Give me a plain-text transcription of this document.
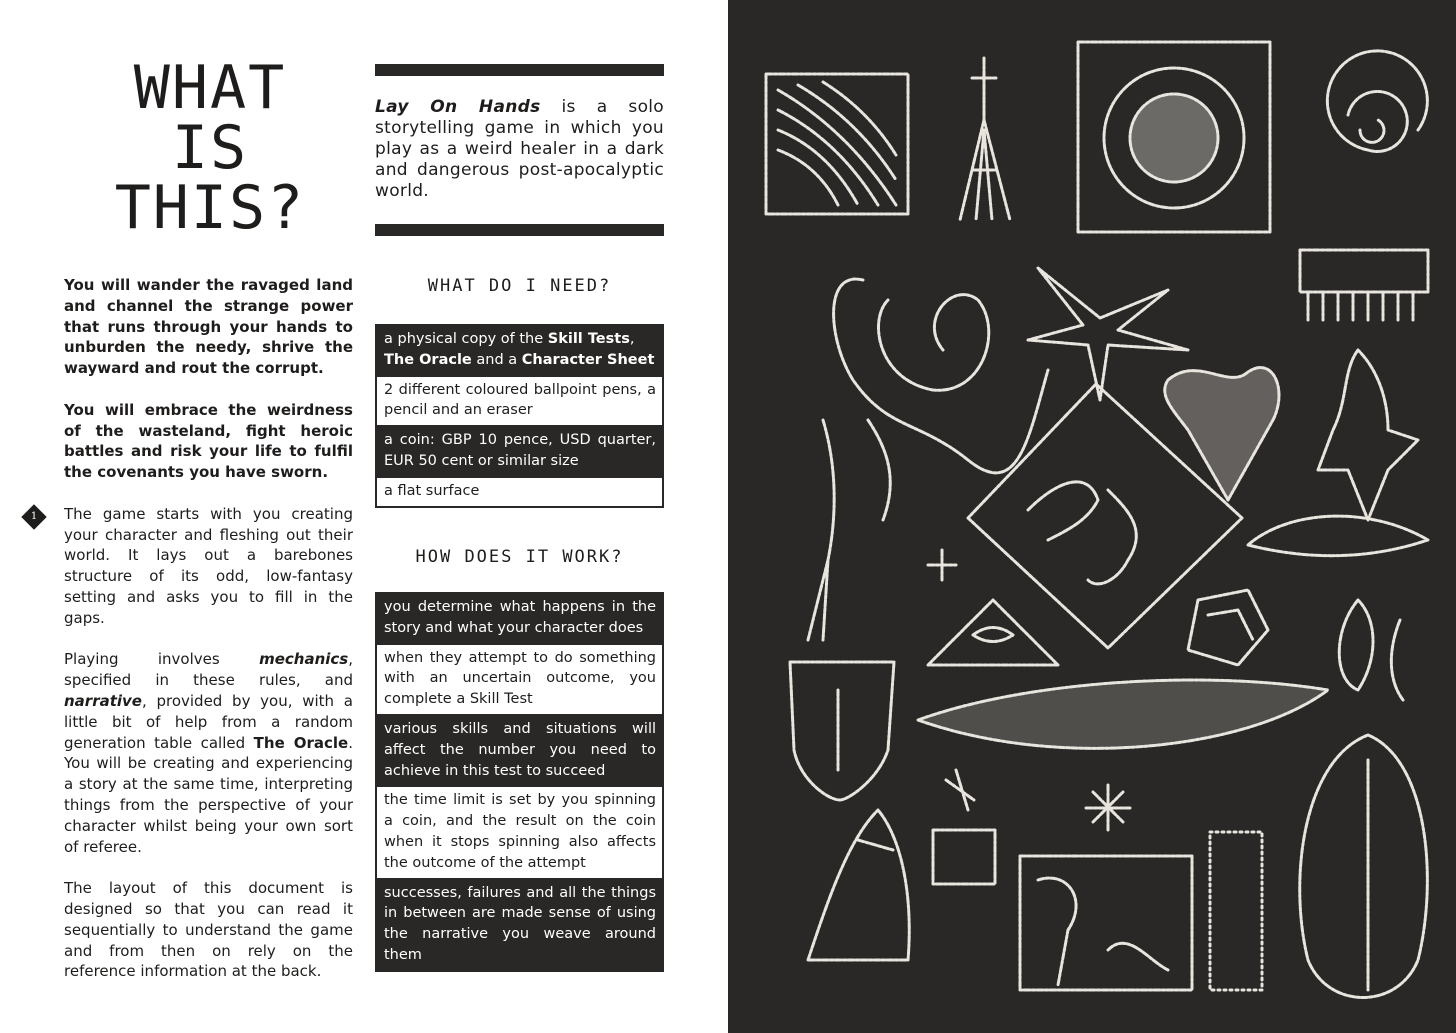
WHAT
IS
THIS?
Lay On Hands is a solo storytelling game in which you play as a weird healer in a dark and dangerous post-apocalyptic world.

You will wander the ravaged land and channel the strange power that runs through your hands to unburden the needy, shrive the wayward and rout the corrupt.

You will embrace the weirdness of the wasteland, fight heroic battles and risk your life to fulfil the covenants you have sworn.

The game starts with you creating your character and fleshing out their world. It lays out a barebones structure of its odd, low-fantasy setting and asks you to fill in the gaps.

Playing involves mechanics, specified in these rules, and narrative, provided by you, with a little bit of help from a random generation table called The Oracle. You will be creating and experiencing a story at the same time, interpreting things from the perspective of your character whilst being your own sort of referee.

The layout of this document is designed so that you can read it sequentially to understand the game and from then on rely on the reference information at the back.

1
WHAT DO I NEED?
a physical copy of the Skill Tests,
The Oracle and a Character Sheet
2 different coloured ballpoint pens, a pencil and an eraser
a coin: GBP 10 pence, USD quarter, EUR 50 cent or similar size
a flat surface
HOW DOES IT WORK?
you determine what happens in the story and what your character does
when they attempt to do something with an uncertain outcome, you complete a Skill Test
various skills and situations will affect the number you need to achieve in this test to succeed
the time limit is set by you spinning a coin, and the result on the coin when it stops spinning also affects the outcome of the attempt
successes, failures and all the things in between are made sense of using the narrative you weave around them
